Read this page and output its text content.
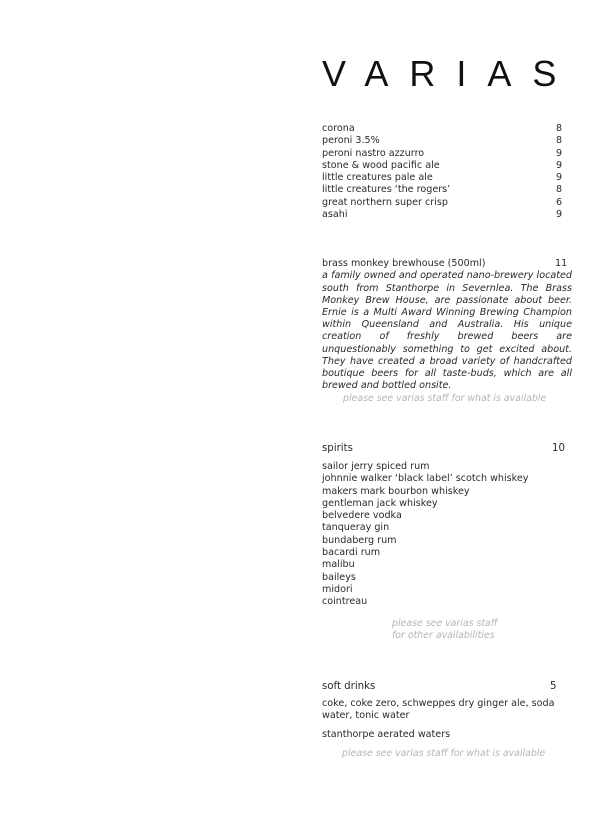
VARIAS
corona	8
peroni 3.5%	8
peroni nastro azzurro	9
stone & wood pacific ale	9
little creatures pale ale	9
little creatures ‘the rogers’	8
great northern super crisp	6
asahi	9
brass monkey brewhouse (500ml)	11
a family owned and operated nano-brewery located south from Stanthorpe in Severnlea. The Brass Monkey Brew House, are passionate about beer. Ernie is a Multi Award Winning Brewing Champion within Queensland and Australia. His unique creation of freshly brewed beers are unquestionably something to get excited about. They have created a broad variety of handcrafted boutique beers for all taste-buds, which are all brewed and bottled onsite.
please see varias staff for what is available
spirits	10
sailor jerry spiced rum
johnnie walker ‘black label’ scotch whiskey
makers mark bourbon whiskey
gentleman jack whiskey
belvedere vodka
tanqueray gin
bundaberg rum
bacardi rum
malibu
baileys
midori
cointreau
please see varias staff
for other availabilities
soft drinks	5
coke, coke zero, schweppes dry ginger ale, soda water, tonic water
stanthorpe aerated waters
please see varias staff for what is available
